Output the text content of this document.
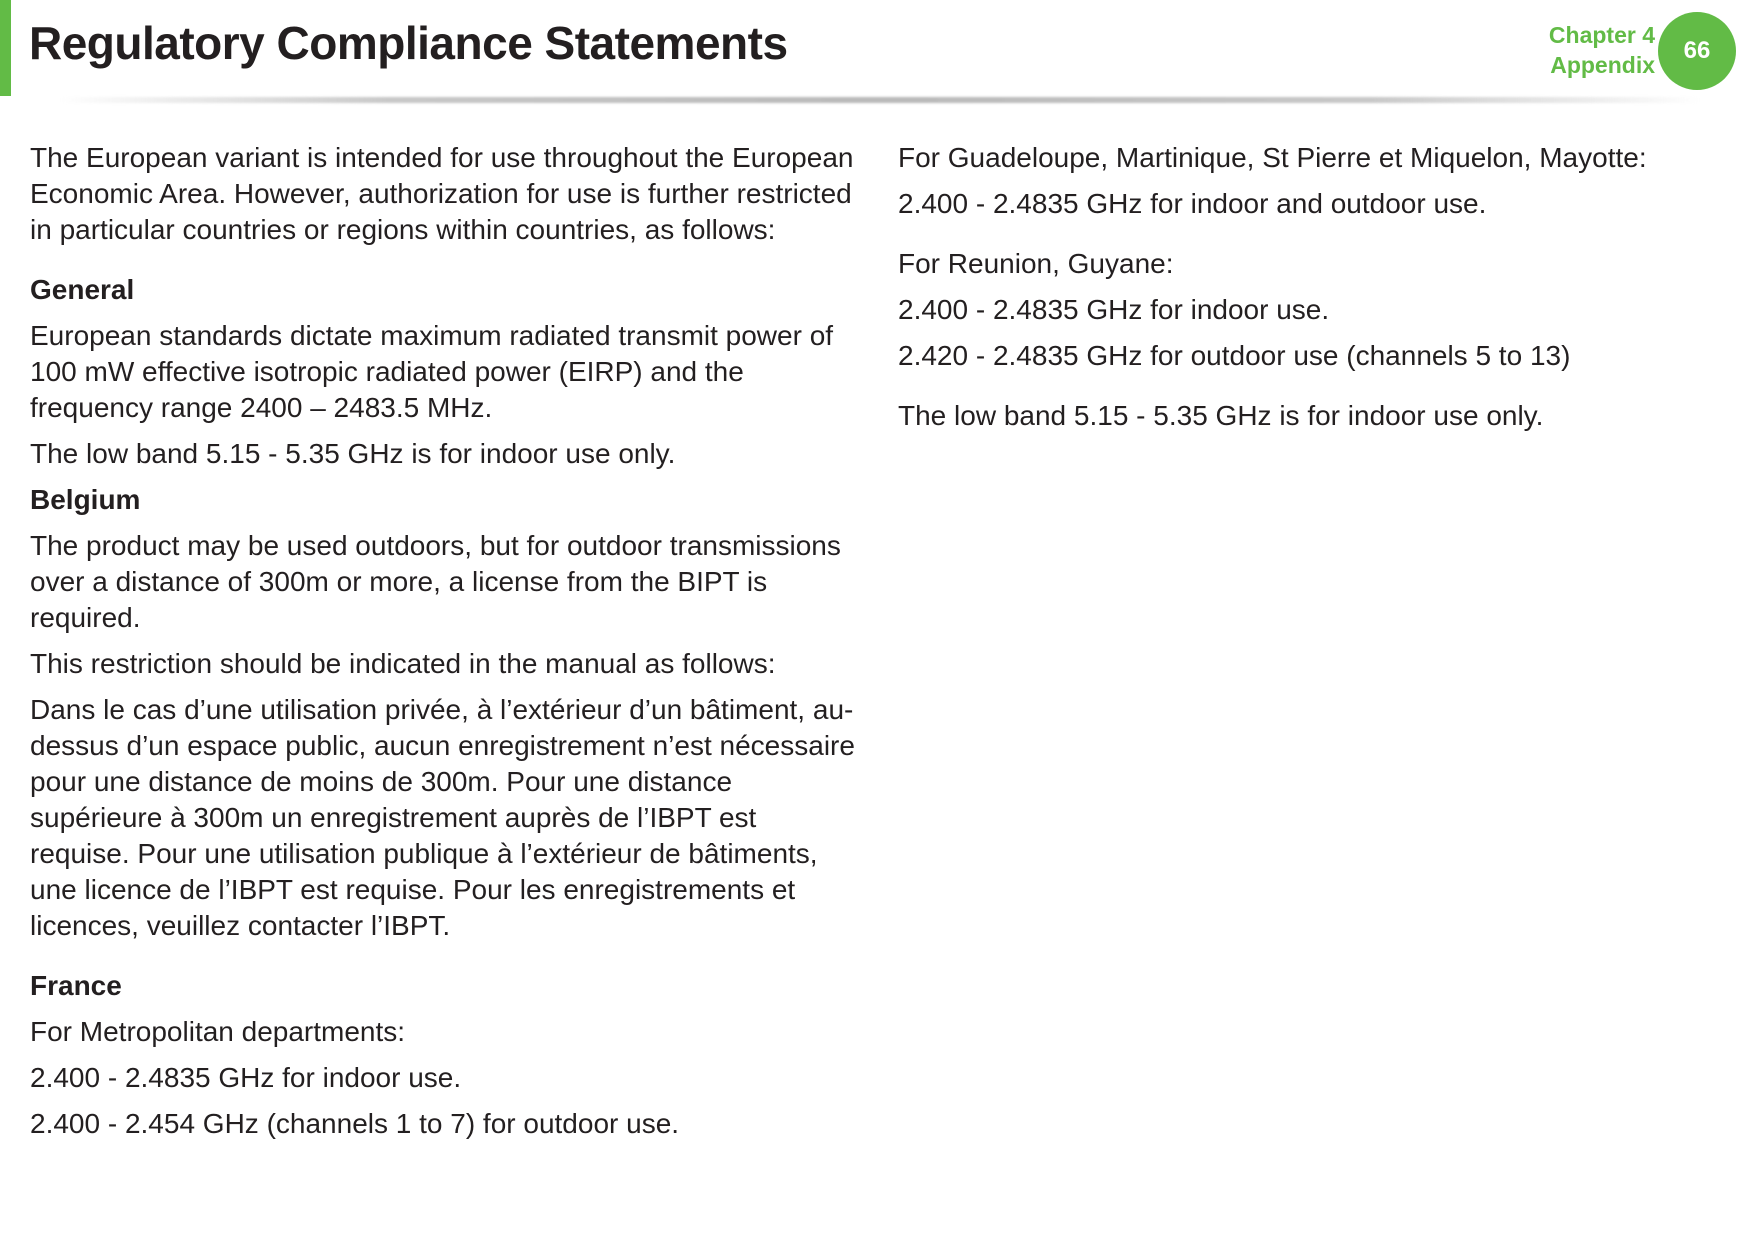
Regulatory Compliance Statements	Chapter 4
Appendix
66

The European variant is intended for use throughout the European Economic Area. However, authorization for use is further restricted in particular countries or regions within countries, as follows:

General

European standards dictate maximum radiated transmit power of 100 mW effective isotropic radiated power (EIRP) and the frequency range 2400 – 2483.5 MHz.

The low band 5.15 - 5.35 GHz is for indoor use only.

Belgium

The product may be used outdoors, but for outdoor transmissions over a distance of 300m or more, a license from the BIPT is required.

This restriction should be indicated in the manual as follows:

Dans le cas d’une utilisation privée, à l’extérieur d’un bâtiment, au-dessus d’un espace public, aucun enregistrement n’est nécessaire pour une distance de moins de 300m. Pour une distance supérieure à 300m un enregistrement auprès de l’IBPT est requise. Pour une utilisation publique à l’extérieur de bâtiments, une licence de l’IBPT est requise. Pour les enregistrements et licences, veuillez contacter l’IBPT.

France

For Metropolitan departments:

2.400 - 2.4835 GHz for indoor use.

2.400 - 2.454 GHz (channels 1 to 7) for outdoor use.

For Guadeloupe, Martinique, St Pierre et Miquelon, Mayotte:

2.400 - 2.4835 GHz for indoor and outdoor use.

For Reunion, Guyane:

2.400 - 2.4835 GHz for indoor use.

2.420 - 2.4835 GHz for outdoor use (channels 5 to 13)

The low band 5.15 - 5.35 GHz is for indoor use only.
